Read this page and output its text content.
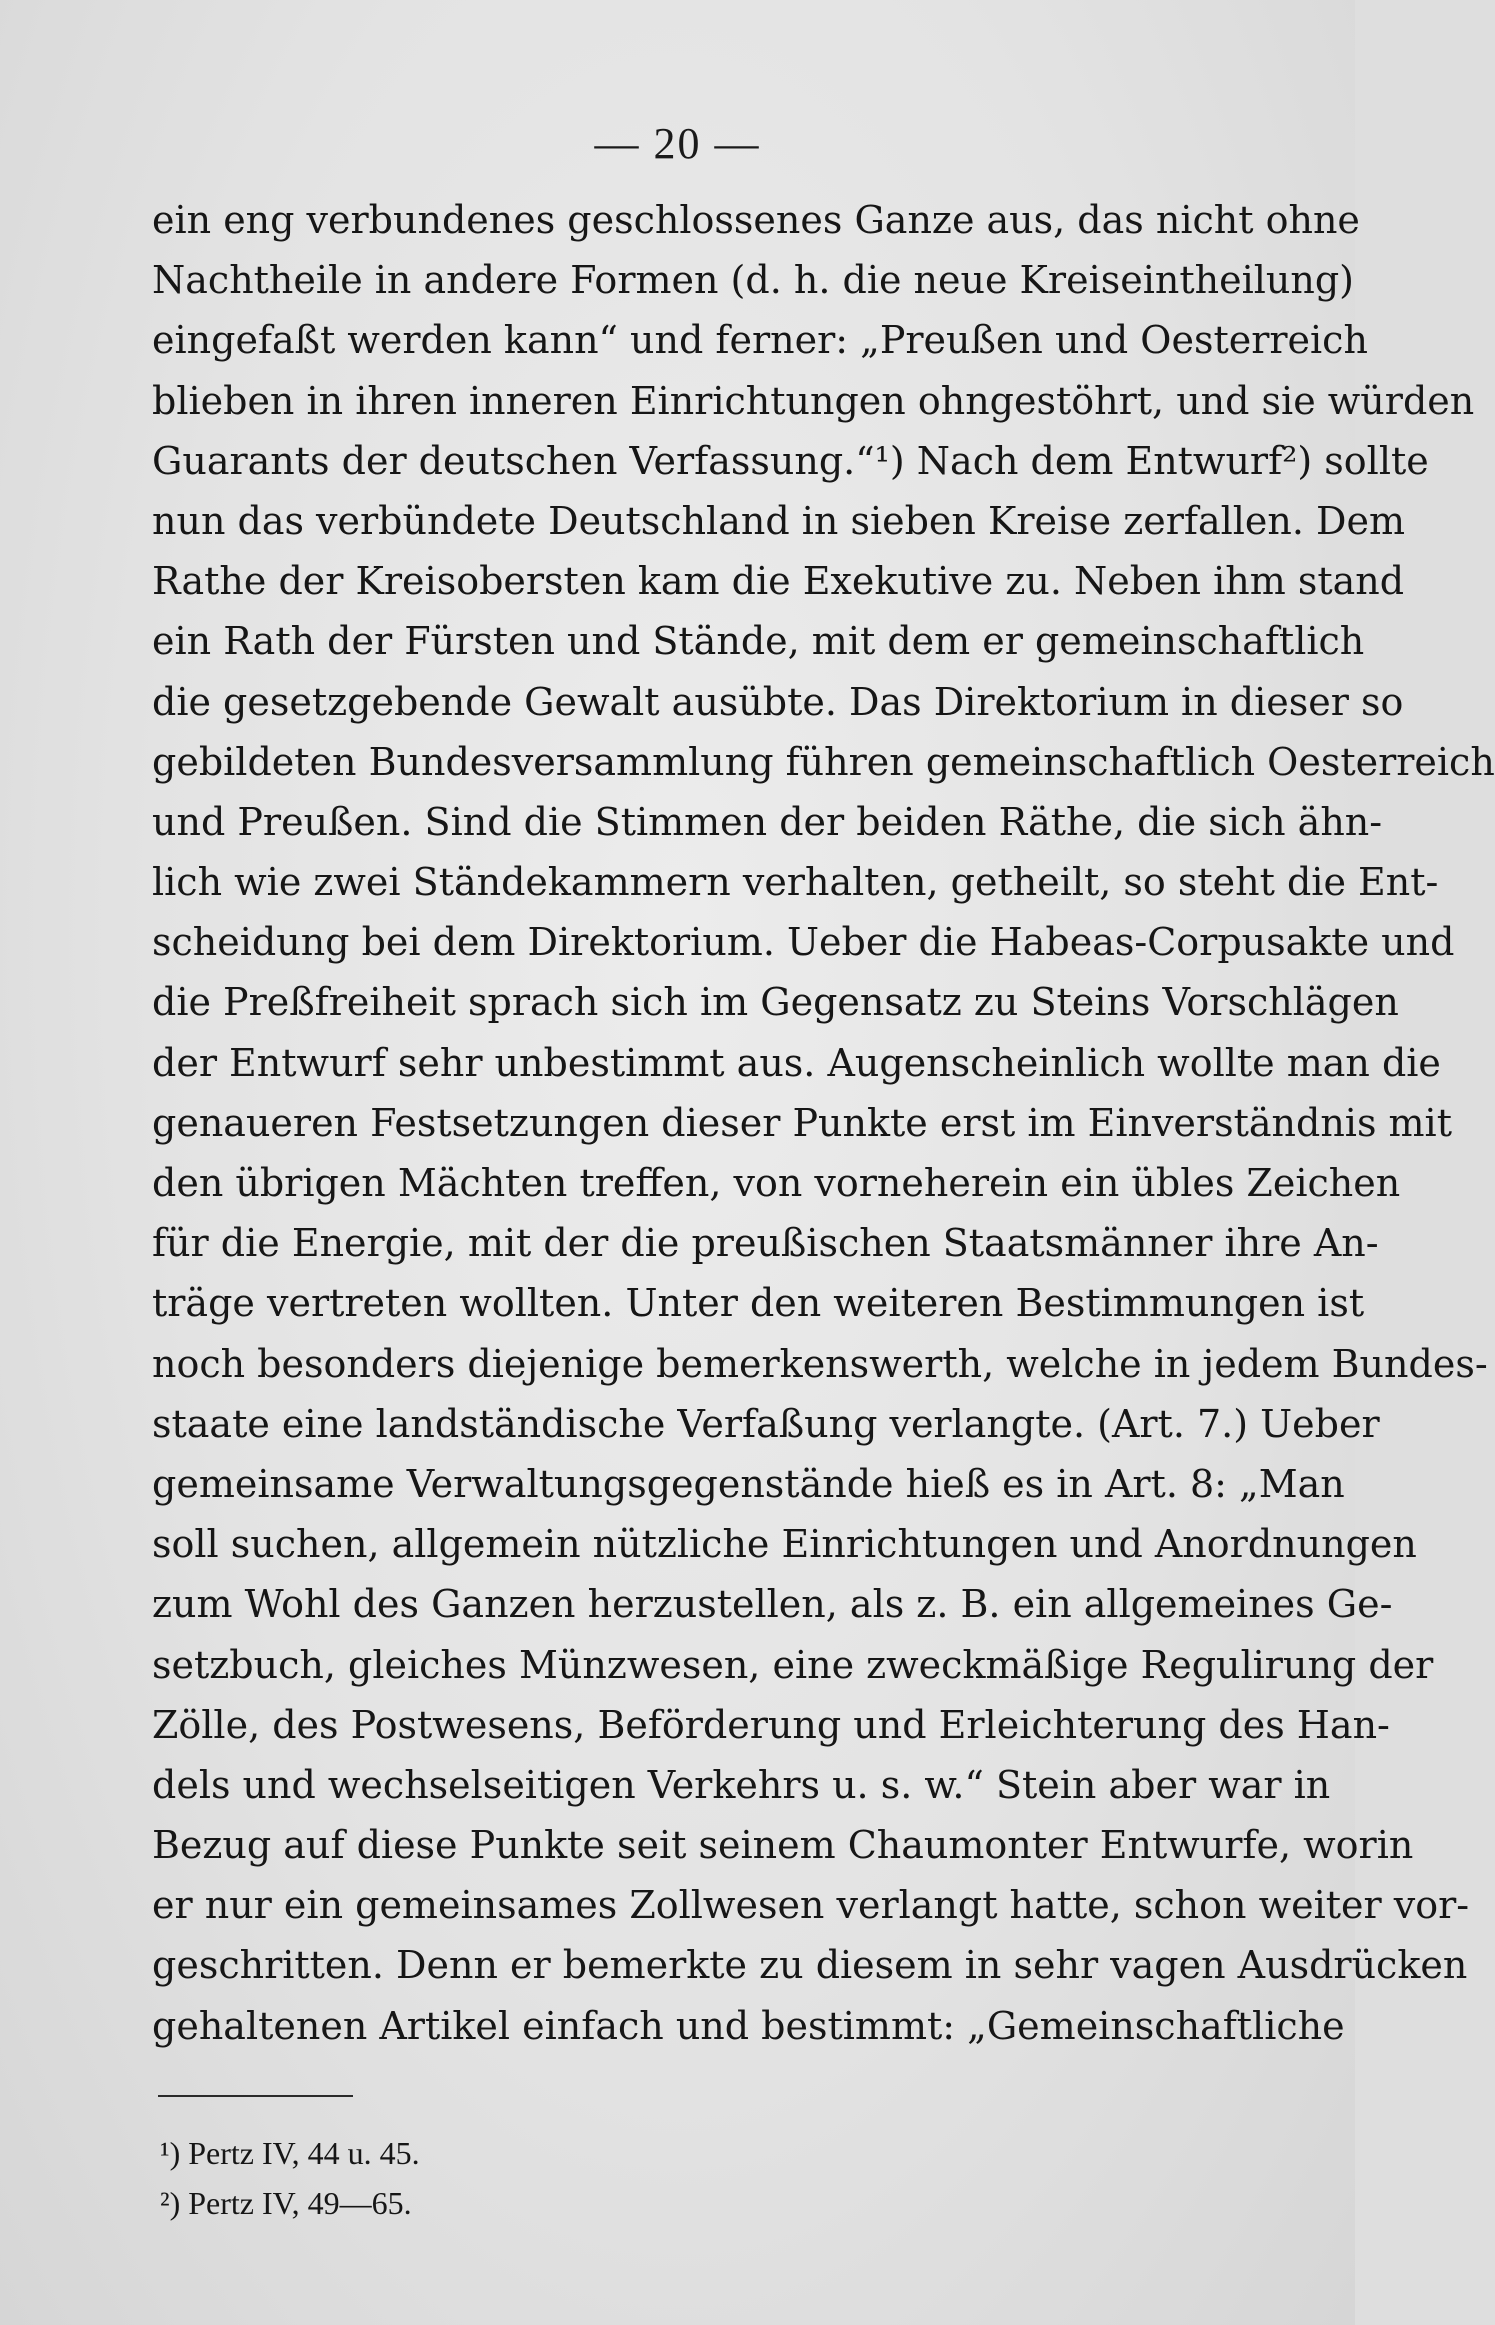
— 20 —
ein eng verbundenes geschlossenes Ganze aus, das nicht ohne
Nachtheile in andere Formen (d. h. die neue Kreiseintheilung)
eingefaßt werden kann“ und ferner: „Preußen und Oesterreich
blieben in ihren inneren Einrichtungen ohngestöhrt, und sie würden
Guarants der deutschen Verfassung.“¹) Nach dem Entwurf²) sollte
nun das verbündete Deutschland in sieben Kreise zerfallen. Dem
Rathe der Kreisobersten kam die Exekutive zu. Neben ihm stand
ein Rath der Fürsten und Stände, mit dem er gemeinschaftlich
die gesetzgebende Gewalt ausübte. Das Direktorium in dieser so
gebildeten Bundesversammlung führen gemeinschaftlich Oesterreich
und Preußen. Sind die Stimmen der beiden Räthe, die sich ähn-
lich wie zwei Ständekammern verhalten, getheilt, so steht die Ent-
scheidung bei dem Direktorium. Ueber die Habeas-Corpusakte und
die Preßfreiheit sprach sich im Gegensatz zu Steins Vorschlägen
der Entwurf sehr unbestimmt aus. Augenscheinlich wollte man die
genaueren Festsetzungen dieser Punkte erst im Einverständnis mit
den übrigen Mächten treffen, von vorneherein ein übles Zeichen
für die Energie, mit der die preußischen Staatsmänner ihre An-
träge vertreten wollten. Unter den weiteren Bestimmungen ist
noch besonders diejenige bemerkenswerth, welche in jedem Bundes-
staate eine landständische Verfaßung verlangte. (Art. 7.) Ueber
gemeinsame Verwaltungsgegenstände hieß es in Art. 8: „Man
soll suchen, allgemein nützliche Einrichtungen und Anordnungen
zum Wohl des Ganzen herzustellen, als z. B. ein allgemeines Ge-
setzbuch, gleiches Münzwesen, eine zweckmäßige Regulirung der
Zölle, des Postwesens, Beförderung und Erleichterung des Han-
dels und wechselseitigen Verkehrs u. s. w.“ Stein aber war in
Bezug auf diese Punkte seit seinem Chaumonter Entwurfe, worin
er nur ein gemeinsames Zollwesen verlangt hatte, schon weiter vor-
geschritten. Denn er bemerkte zu diesem in sehr vagen Ausdrücken
gehaltenen Artikel einfach und bestimmt: „Gemeinschaftliche
¹) Pertz IV, 44 u. 45.
²) Pertz IV, 49—65.
